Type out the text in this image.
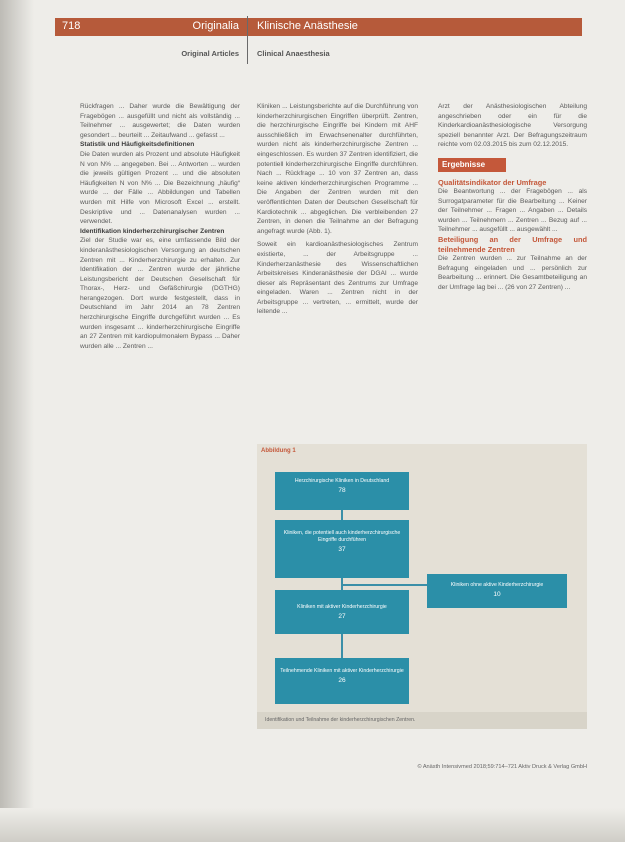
718	Originalia Klinische Anästhesie
Original Articles Clinical Anaesthesia

Rückfragen ... Daher wurde die Bewältigung der Fragebögen ... ausgefüllt und nicht als vollständig ... Teilnehmer ... ausgewertet; die Daten wurden gesondert ... beurteilt ... Zeitaufwand ... gefasst ...

Statistik und Häufigkeitsdefinitionen

Die Daten wurden als Prozent und absolute Häufigkeit N von N% ... angegeben. Bei ... Antworten ... wurden die jeweils gültigen Prozent ... und die absoluten Häufigkeiten N von N% ... Die Bezeichnung „häufig“ wurde ... der Fälle ... Abbildungen und Tabellen wurden mit Hilfe von Microsoft Excel ... erstellt. Deskriptive und ... Datenanalysen wurden ... verwendet.

Identifikation kinderherzchirurgischer Zentren

Ziel der Studie war es, eine umfassende Bild der kinderanästhesiologischen Versorgung an deutschen Zentren mit ... Kinderherzchirurgie zu erhalten. Zur Identifikation der ... Zentren wurde der jährliche Leistungsbericht der Deutschen Gesellschaft für Thorax-, Herz- und Gefäßchirurgie (DGTHG) herangezogen. Dort wurde festgestellt, dass in Deutschland im Jahr 2014 an 78 Zentren herzchirurgische Eingriffe durchgeführt wurden ... Es wurden insgesamt ... kinderherzchirurgische Eingriffe an 27 Zentren mit kardiopulmonalem Bypass ... Daher wurden alle ... Zentren ...

Kliniken ... Leistungsberichte auf die Durchführung von kinderherzchirurgischen Eingriffen überprüft. Zentren, die herzchirurgische Eingriffe bei Kindern mit AHF ausschließlich im Erwachsenenalter durchführten, wurden nicht als kinderherzchirurgische Zentren ... eingeschlossen. Es wurden 37 Zentren identifiziert, die potentiell kinderherzchirurgische Eingriffe durchführen. Nach ... Rückfrage ... 10 von 37 Zentren an, dass keine aktiven kinderherzchirurgischen Programme ... Die Angaben der Zentren wurden mit den veröffentlichten Daten der Deutschen Gesellschaft für Kardiotechnik ... abgeglichen. Die verbleibenden 27 Zentren, in denen die Teilnahme an der Befragung angefragt wurde (Abb. 1).

Soweit ein kardioanästhesiologisches Zentrum existierte, ... der Arbeitsgruppe ... Kinderherzanästhesie des Wissenschaftlichen Arbeitskreises Kinderanästhesie der DGAI ... wurde dieser als Repräsentant des Zentrums zur Umfrage eingeladen. Waren ... Zentren nicht in der Arbeitsgruppe ... vertreten, ... ermittelt, wurde der leitende ...

Arzt der Anästhesiologischen Abteilung angeschrieben oder ein für die Kinderkardioanästhesiologische Versorgung speziell benannter Arzt. Der Befragungszeitraum reichte vom 02.03.2015 bis zum 02.12.2015.

Ergebnisse

Qualitätsindikator der Umfrage

Die Beantwortung ... der Fragebögen ... als Surrogatparameter für die Bearbeitung ... Keiner der Teilnehmer ... Fragen ... Angaben ... Details wurden ... Teilnehmern ... Zentren ... Bezug auf ... Teilnehmer ... ausgefüllt ... ausgewählt ...

Beteiligung an der Umfrage und teilnehmende Zentren

Die Zentren wurden ... zur Teilnahme an der Befragung eingeladen und ... persönlich zur Bearbeitung ... erinnert. Die Gesamtbeteiligung an der Umfrage lag bei ... (26 von 27 Zentren) ...

Abbildung 1
Herzchirurgische Kliniken in Deutschland
78
Kliniken, die potentiell auch kinderherzchirurgische Eingriffe durchführen
37
Kliniken mit aktiver Kinderherzchirurgie
27
Teilnehmende Kliniken mit aktiver Kinderherzchirurgie
26
Kliniken ohne aktive Kinderherzchirurgie
10
Identifikation und Teilnahme der kinderherzchirurgischen Zentren.
© Anästh Intensivmed 2018;59:714–721 Aktiv Druck & Verlag GmbH
